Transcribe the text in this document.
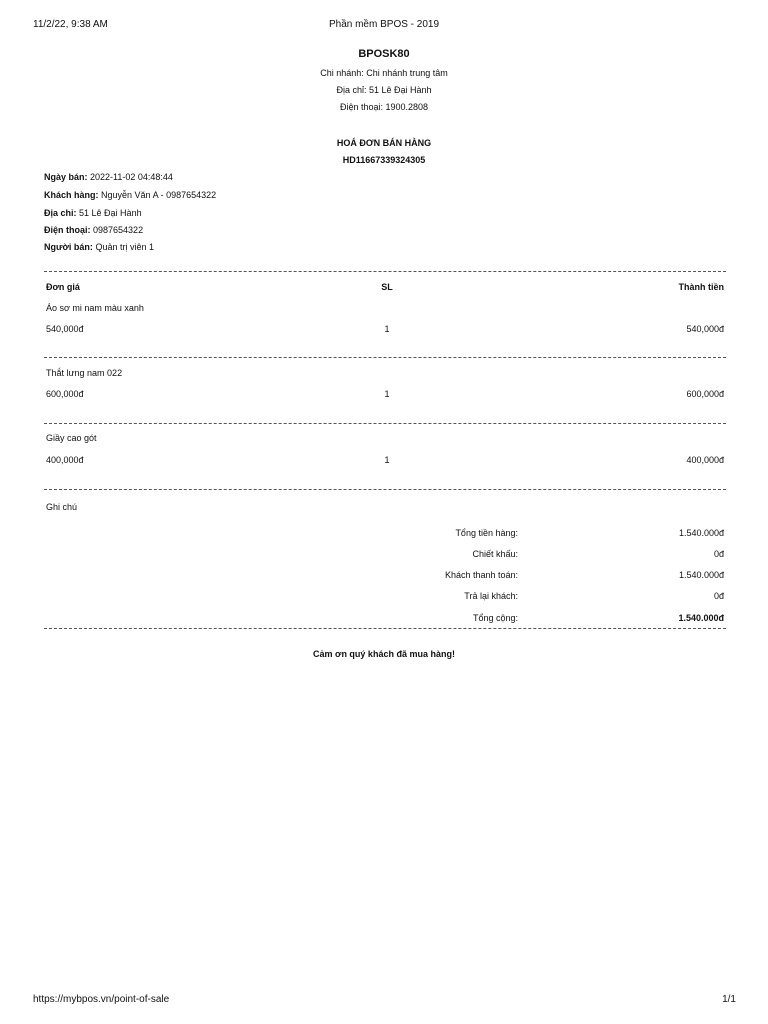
11/2/22, 9:38 AM	Phần mềm BPOS - 2019
BPOSK80
Chi nhánh: Chi nhánh trung tâm
Địa chỉ: 51 Lê Đại Hành
Điện thoại: 1900.2808
HOÁ ĐƠN BÁN HÀNG
HD11667339324305
Ngày bán: 2022-11-02 04:48:44
Khách hàng: Nguyễn Văn A - 0987654322
Địa chỉ: 51 Lê Đại Hành
Điện thoại: 0987654322
Người bán: Quản trị viên 1
Đơn giá	SL	Thành tiền
Áo sơ mi nam màu xanh
540,000đ	1	540,000đ
Thắt lưng nam 022
600,000đ	1	600,000đ
Giầy cao gót
400,000đ	1	400,000đ
Ghi chú
Tổng tiền hàng:	1.540.000đ
Chiết khấu:	0đ
Khách thanh toán:	1.540.000đ
Trả lại khách:	0đ
Tổng cộng:	1.540.000đ
Cảm ơn quý khách đã mua hàng!
https://mybpos.vn/point-of-sale	1/1
